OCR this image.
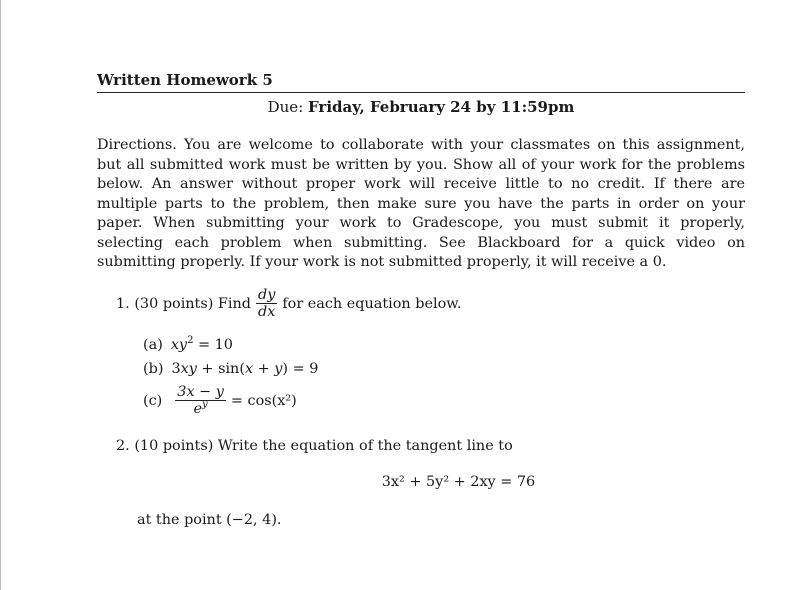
Written Homework 5
Due: Friday, February 24 by 11:59pm
Directions. You are welcome to collaborate with your classmates on this assignment, but all submitted work must be written by you. Show all of your work for the problems below. An answer without proper work will receive little to no credit. If there are multiple parts to the problem, then make sure you have the parts in order on your paper. When submitting your work to Gradescope, you must submit it properly, selecting each problem when submitting. See Blackboard for a quick video on submitting properly. If your work is not submitted properly, it will receive a 0.
1.
(30 points) Find $\frac{dy}{dx}$ for each equation below.
(a) $xy^2 = 10$
(b) 3xy + sin(x + y) = 9
$(c) \frac{3x - y}{e^y} = \cos(x^2)$
2.
(10 points) Write the equation of the tangent line to
3x² + 5y² + 2xy = 76
at the point (−2, 4).
